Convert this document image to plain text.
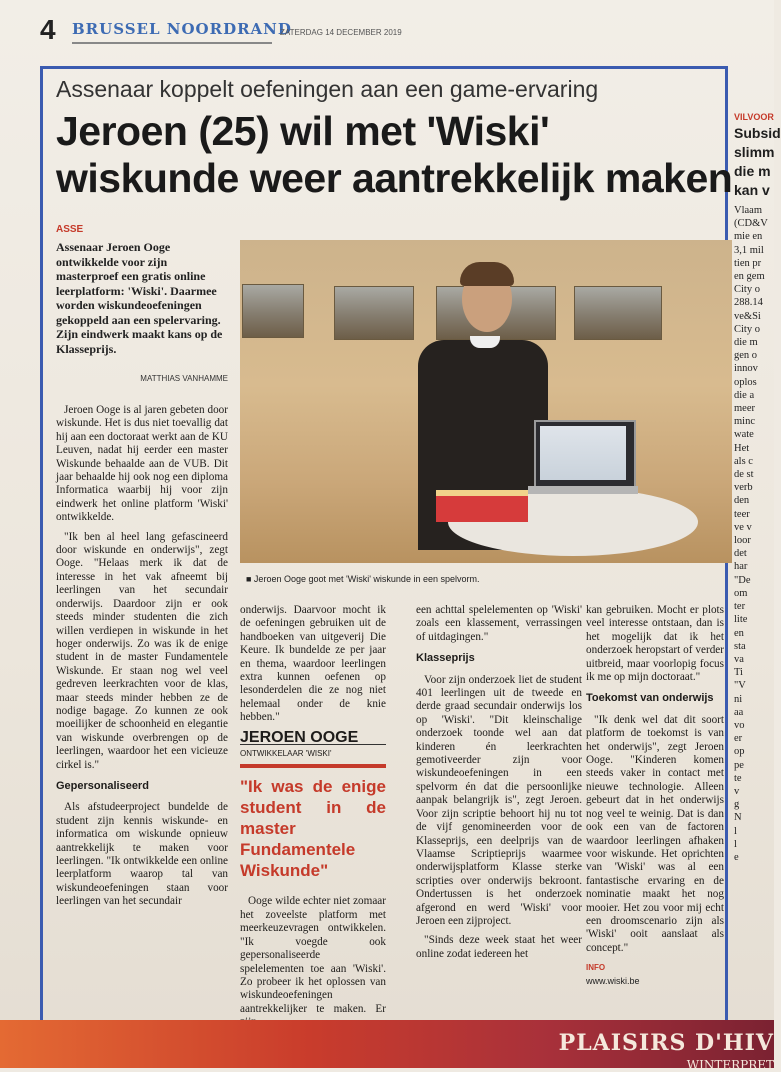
4 BRUSSEL NOORDRAND
ZATERDAG 14 DECEMBER 2019
Assenaar koppelt oefeningen aan een game-ervaring
Jeroen (25) wil met 'Wiski'
wiskunde weer aantrekkelijk maken
ASSE
Assenaar Jeroen Ooge ontwikkelde voor zijn masterproef een gratis online leerplatform: 'Wiski'. Daarmee worden wiskundeoefeningen gekoppeld aan een spelervaring. Zijn eindwerk maakt kans op de Klasseprijs.
MATTHIAS VANHAMME
■ Jeroen Ooge goot met 'Wiski' wiskunde in een spelvorm.

Jeroen Ooge is al jaren gebeten door wiskunde. Het is dus niet toevallig dat hij aan een doctoraat werkt aan de KU Leuven, nadat hij eerder een master Wiskunde behaalde aan de VUB. Dit jaar behaalde hij ook nog een diploma Informatica waarbij hij voor zijn eindwerk het online platform 'Wiski' ontwikkelde.

"Ik ben al heel lang gefascineerd door wiskunde en onderwijs", zegt Ooge. "Helaas merk ik dat de interesse in het vak afneemt bij leerlingen van het secundair onderwijs. Daardoor zijn er ook steeds minder studenten die zich willen verdiepen in wiskunde in het hoger onderwijs. Zo was ik de enige student in de master Fundamentele Wiskunde. Er staan nog wel veel gedreven leerkrachten voor de klas, maar steeds minder hebben ze de nodige bagage. Zo kunnen ze ook moeilijker de schoonheid en elegantie van wiskunde overbrengen op de leerlingen, waardoor het een vicieuze cirkel is."

Gepersonaliseerd

Als afstudeerproject bundelde de student zijn kennis wiskunde- en informatica om wiskunde opnieuw aantrekkelijk te maken voor leerlingen. "Ik ontwikkelde een online leerplatform waarop tal van wiskundeoefeningen staan voor leerlingen van het secundair

onderwijs. Daarvoor mocht ik de oefeningen gebruiken uit de handboeken van uitgeverij Die Keure. Ik bundelde ze per jaar en thema, waardoor leerlingen extra kunnen oefenen op lesonderdelen die ze nog niet helemaal onder de knie hebben."

JEROEN OOGE
ONTWIKKELAAR 'WISKI'
"Ik was de enige student in de master Fundamentele Wiskunde"

Ooge wilde echter niet zomaar het zoveelste platform met meerkeuzevragen ontwikkelen. "Ik voegde ook gepersonaliseerde spelelementen toe aan 'Wiski'. Zo probeer ik het oplossen van wiskundeoefeningen aantrekkelijker te maken. Er

een achttal spelelementen op 'Wiski' zoals een klassement, verrassingen of uitdagingen."

Klasseprijs

Voor zijn onderzoek liet de student 401 leerlingen uit de tweede en derde graad secundair onderwijs los op 'Wiski'. "Dit kleinschalige onderzoek toonde wel aan dat kinderen én leerkrachten gemotiveerder zijn voor wiskundeoefeningen in een spelvorm én dat die persoonlijke aanpak belangrijk is", zegt Jeroen. Voor zijn scriptie behoort hij nu tot de vijf genomineerden voor de Klasseprijs, een deelprijs van de Vlaamse Scriptieprijs waarmee onderwijsplatform Klasse sterke scripties over onderwijs bekroont. Ondertussen is het onderzoek afgerond en werd 'Wiski' voor Jeroen een zijproject.

"Sinds deze week staat het weer online zodat iedereen het

kan gebruiken. Mocht er plots veel interesse ontstaan, dan is het mogelijk dat ik het onderzoek heropstart of verder uitbreid, maar voorlopig focus ik me op mijn doctoraat."

Toekomst van onderwijs

"Ik denk wel dat dit soort platform de toekomst is van het onderwijs", zegt Jeroen Ooge. "Kinderen komen steeds vaker in contact met nieuwe technologie. Alleen gebeurt dat in het onderwijs nog veel te weinig. Dat is dan ook een van de factoren waardoor leerlingen afhaken voor wiskunde. Het oprichten van 'Wiski' was al een fantastische ervaring en de nominatie maakt het nog mooier. Het zou voor mij echt een droomscenario zijn als 'Wiski' ooit aanslaat als concept."

INFO
www.wiski.be
VILVOOR
Subsid
slimm
die m
kan v
Vlaam
(CD&V
mie en
3,1 mil
tien pr
en gem
City o
288.14
ve&Si
City o
die m
gen o
innov
oplos
die a
meer
minc
wate
Het
als c
de st
verb
den
teer
ve v
loor
det
har
"De
om
ter
lite
en
sta
va
Ti
"V
ni
aa
vo
er
op
pe
te
v
g
N
l
l
e
PLAISIRS D'HIV
WINTERPRET
